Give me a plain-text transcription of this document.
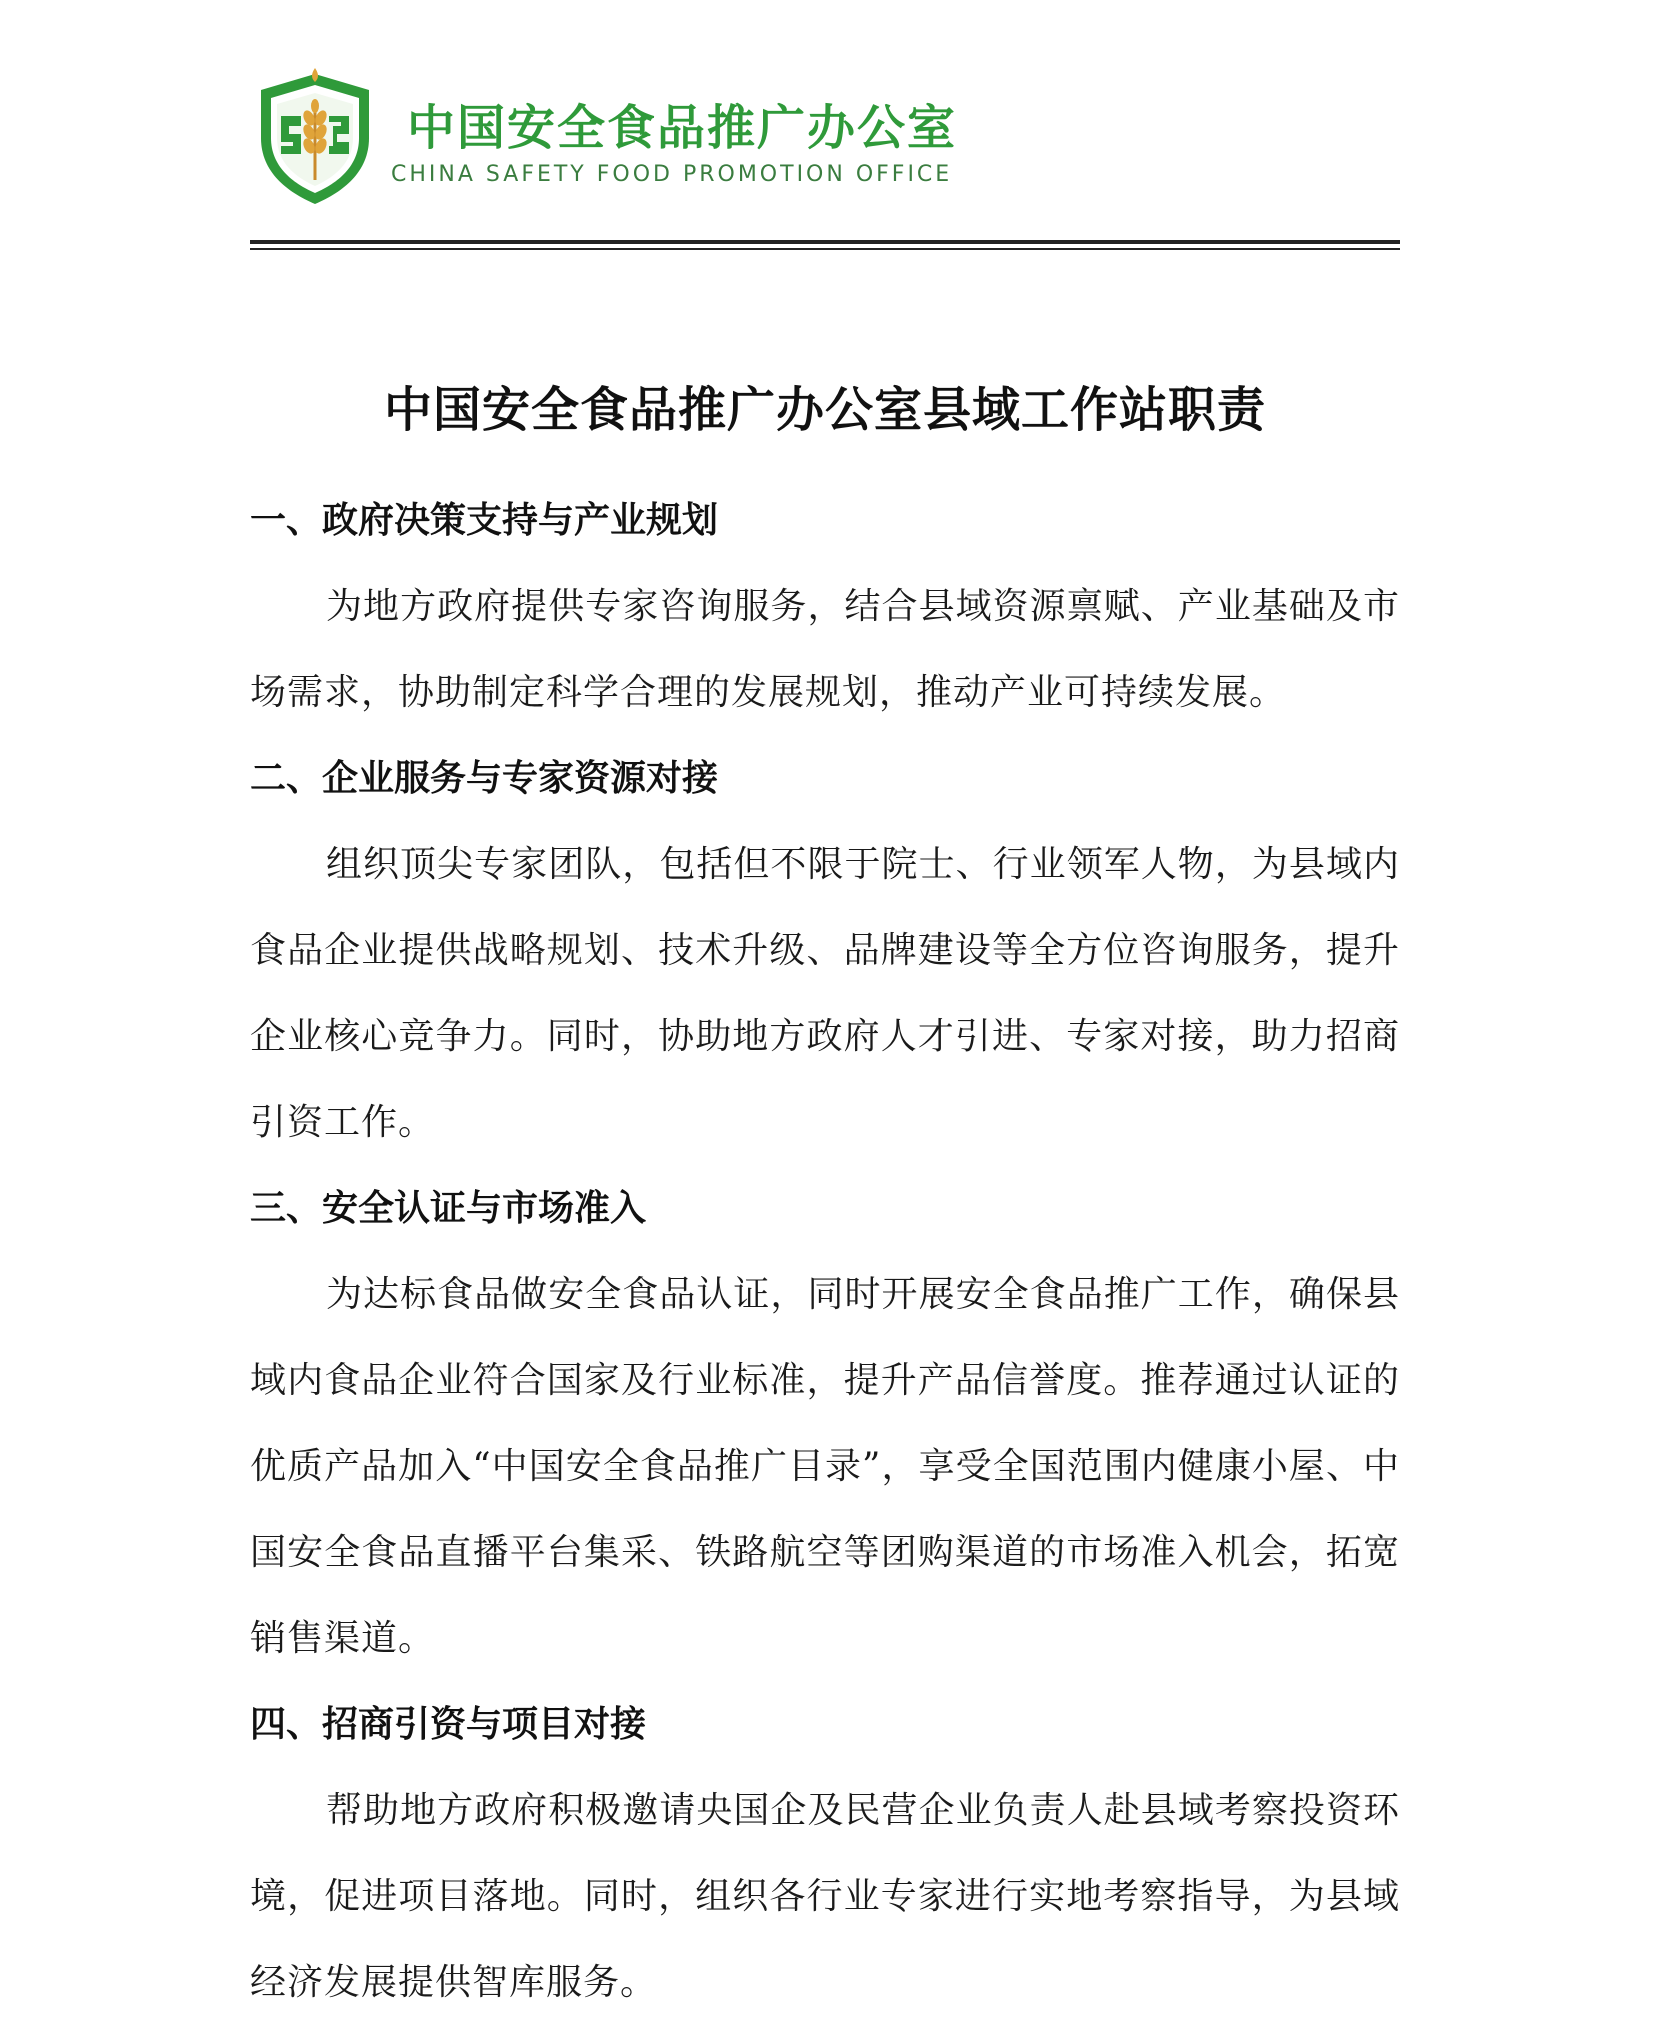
中国安全食品推广办公室
CHINA SAFETY FOOD PROMOTION OFFICE
中国安全食品推广办公室县域工作站职责
一、政府决策支持与产业规划

为地方政府提供专家咨询服务，结合县域资源禀赋、产业基础及市场需求，协助制定科学合理的发展规划，推动产业可持续发展。

二、企业服务与专家资源对接

组织顶尖专家团队，包括但不限于院士、行业领军人物，为县域内食品企业提供战略规划、技术升级、品牌建设等全方位咨询服务，提升企业核心竞争力。同时，协助地方政府人才引进、专家对接，助力招商引资工作。

三、安全认证与市场准入

为达标食品做安全食品认证，同时开展安全食品推广工作，确保县域内食品企业符合国家及行业标准，提升产品信誉度。推荐通过认证的优质产品加入“中国安全食品推广目录”，享受全国范围内健康小屋、中国安全食品直播平台集采、铁路航空等团购渠道的市场准入机会，拓宽销售渠道。

四、招商引资与项目对接

帮助地方政府积极邀请央国企及民营企业负责人赴县域考察投资环境，促进项目落地。同时，组织各行业专家进行实地考察指导，为县域经济发展提供智库服务。
